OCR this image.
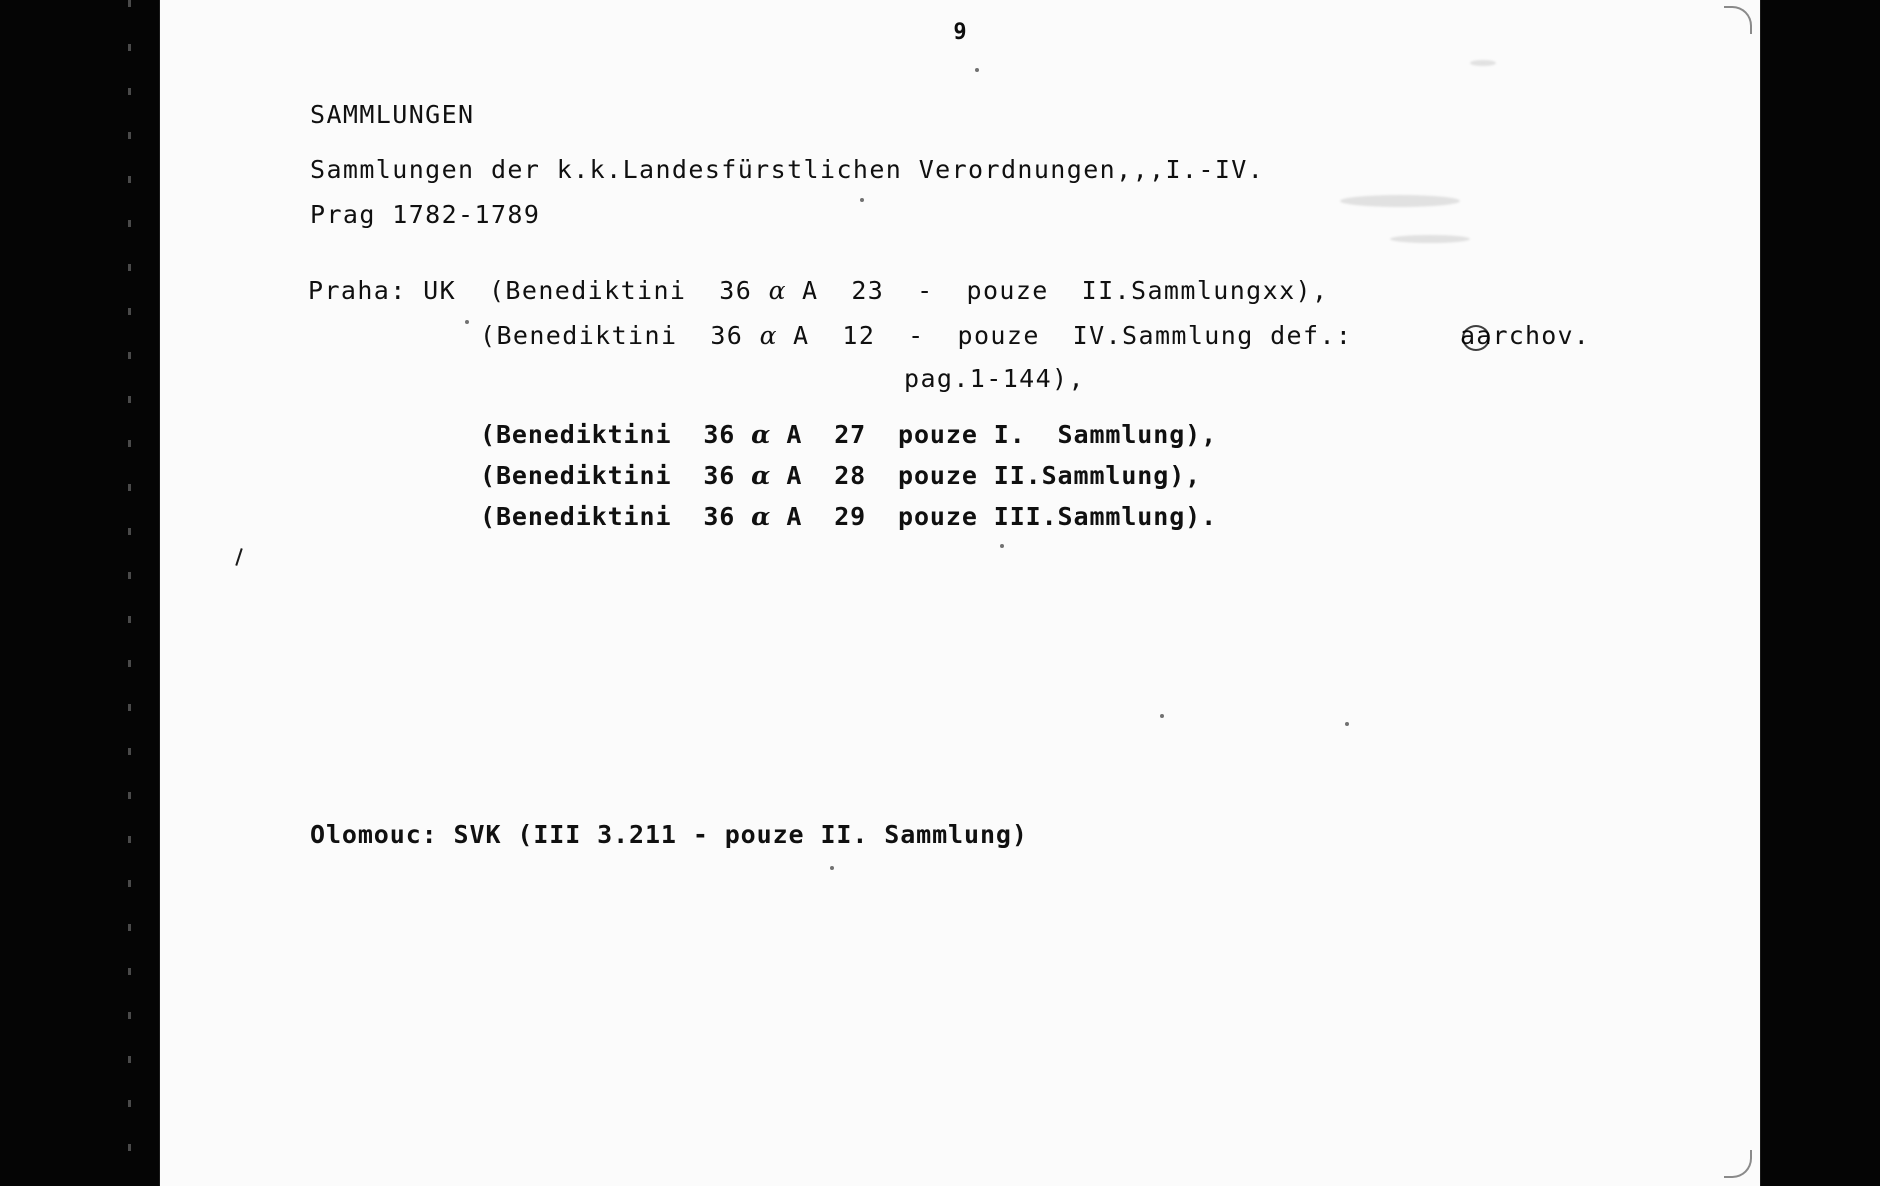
9
SAMMLUNGEN
Sammlungen der k.k.Landesfürstlichen Verordnungen,,,I.-IV.
Prag 1782-1789
Praha: UK  (Benediktini  36 α A  23  -  pouze  II.Sammlungxx),
(Benediktini  36 α A  12  -  pouze  IV.Sammlung def.:	aarchov.
pag.1-144),
(Benediktini  36 α A  27  pouze I.  Sammlung),
(Benediktini  36 α A  28  pouze II.Sammlung),
(Benediktini  36 α A  29  pouze III.Sammlung).
Olomouc: SVK (III 3.211 - pouze II. Sammlung)
